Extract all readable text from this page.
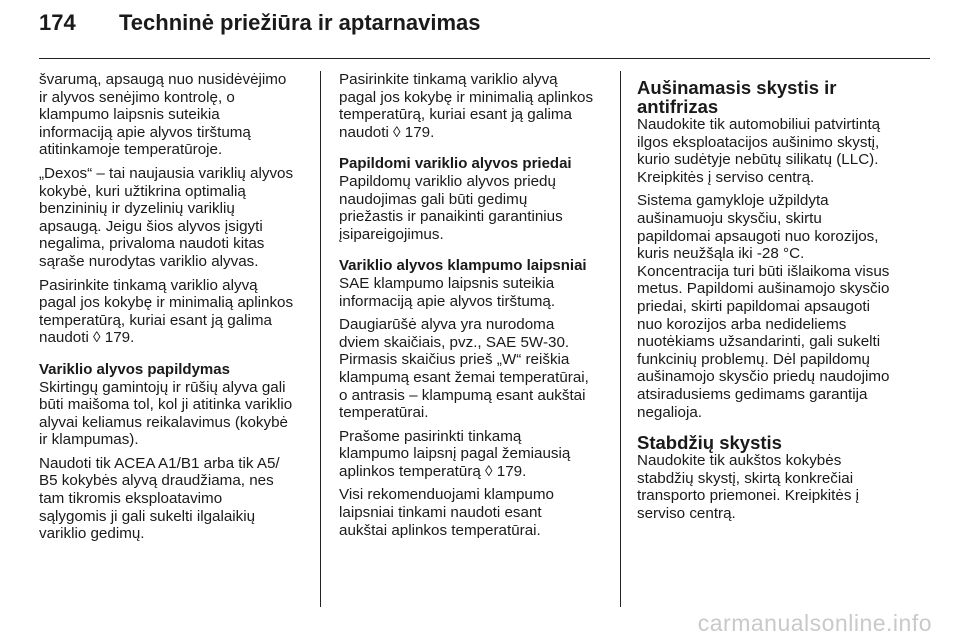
174	Techninė priežiūra ir aptarnavimas

švarumą, apsaugą nuo nusidėvėjimo
ir alyvos senėjimo kontrolę, o
klampumo laipsnis suteikia
informaciją apie alyvos tirštumą
atitinkamoje temperatūroje.

„Dexos“ – tai naujausia variklių alyvos
kokybė, kuri užtikrina optimalią
benzininių ir dyzelinių variklių
apsaugą. Jeigu šios alyvos įsigyti
negalima, privaloma naudoti kitas
sąraše nurodytas variklio alyvas.

Pasirinkite tinkamą variklio alyvą
pagal jos kokybę ir minimalią aplinkos
temperatūrą, kuriai esant ją galima
naudoti ◊ 179.

Variklio alyvos papildymas

Skirtingų gamintojų ir rūšių alyva gali
būti maišoma tol, kol ji atitinka variklio
alyvai keliamus reikalavimus (kokybė
ir klampumas).

Naudoti tik ACEA A1/B1 arba tik A5/
B5 kokybės alyvą draudžiama, nes
tam tikromis eksploatavimo
sąlygomis ji gali sukelti ilgalaikių
variklio gedimų.

Pasirinkite tinkamą variklio alyvą
pagal jos kokybę ir minimalią aplinkos
temperatūrą, kuriai esant ją galima
naudoti ◊ 179.

Papildomi variklio alyvos priedai

Papildomų variklio alyvos priedų
naudojimas gali būti gedimų
priežastis ir panaikinti garantinius
įsipareigojimus.

Variklio alyvos klampumo laipsniai

SAE klampumo laipsnis suteikia
informaciją apie alyvos tirštumą.

Daugiarūšė alyva yra nurodoma
dviem skaičiais, pvz., SAE 5W-30.
Pirmasis skaičius prieš „W“ reiškia
klampumą esant žemai temperatūrai,
o antrasis – klampumą esant aukštai
temperatūrai.

Prašome pasirinkti tinkamą
klampumo laipsnį pagal žemiausią
aplinkos temperatūrą ◊ 179.

Visi rekomenduojami klampumo
laipsniai tinkami naudoti esant
aukštai aplinkos temperatūrai.

Aušinamasis skystis ir antifrizas

Naudokite tik automobiliui patvirtintą
ilgos eksploatacijos aušinimo skystį,
kurio sudėtyje nebūtų silikatų (LLC).
Kreipkitės į serviso centrą.

Sistema gamykloje užpildyta
aušinamuoju skysčiu, skirtu
papildomai apsaugoti nuo korozijos,
kuris neužšąla iki -28 °C.
Koncentracija turi būti išlaikoma visus
metus. Papildomi aušinamojo skysčio
priedai, skirti papildomai apsaugoti
nuo korozijos arba nedideliems
nuotėkiams užsandarinti, gali sukelti
funkcinių problemų. Dėl papildomų
aušinamojo skysčio priedų naudojimo
atsiradusiems gedimams garantija
negalioja.

Stabdžių skystis

Naudokite tik aukštos kokybės
stabdžių skystį, skirtą konkrečiai
transporto priemonei. Kreipkitės į
serviso centrą.

carmanualsonline.info
